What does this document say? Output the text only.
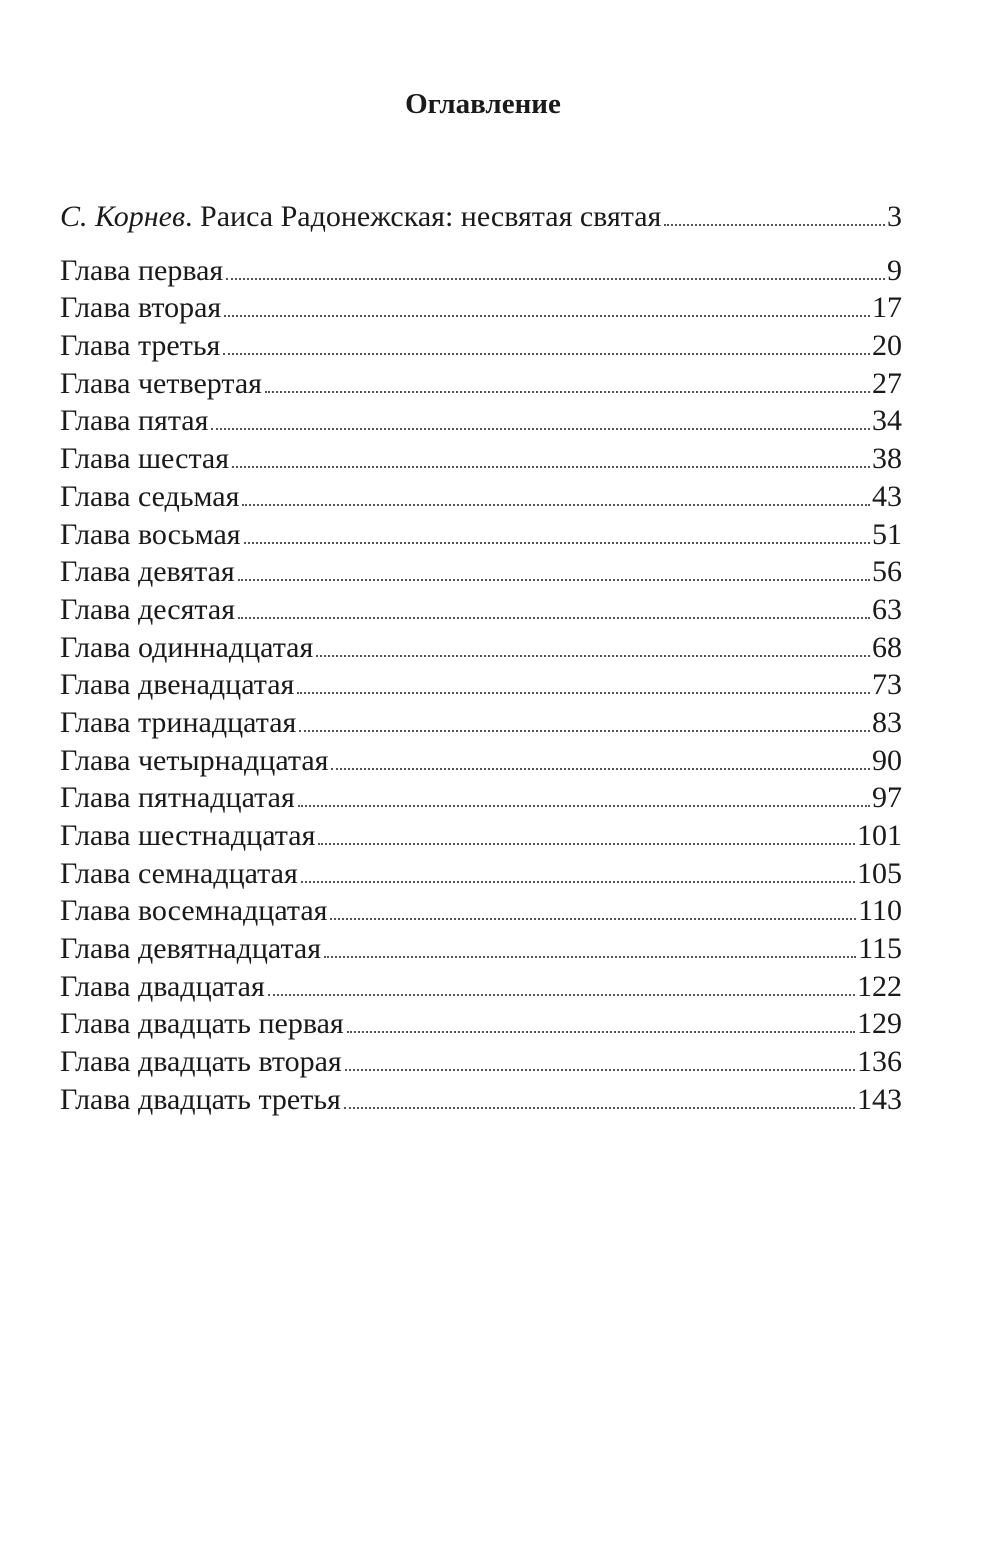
Оглавление
С. Корнев. Раиса Радонежская: несвятая святая	3
Глава первая	9
Глава вторая	17
Глава третья	20
Глава четвертая	27
Глава пятая	34
Глава шестая	38
Глава седьмая	43
Глава восьмая	51
Глава девятая	56
Глава десятая	63
Глава одиннадцатая	68
Глава двенадцатая	73
Глава тринадцатая	83
Глава четырнадцатая	90
Глава пятнадцатая	97
Глава шестнадцатая	101
Глава семнадцатая	105
Глава восемнадцатая	110
Глава девятнадцатая	115
Глава двадцатая	122
Глава двадцать первая	129
Глава двадцать вторая	136
Глава двадцать третья	143
